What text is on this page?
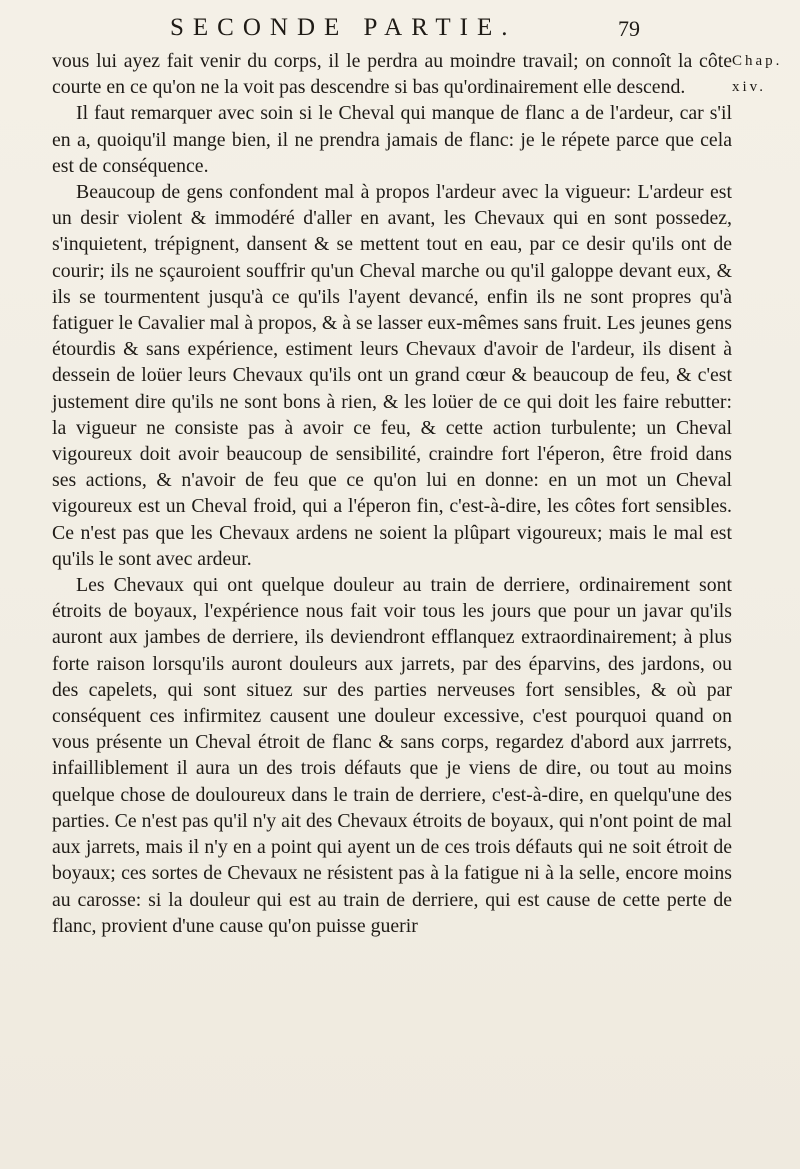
SECONDE PARTIE.	79
Chap.
xiv.

vous lui ayez fait venir du corps, il le perdra au moindre travail; on connoît la côte courte en ce qu'on ne la voit pas descendre si bas qu'ordinairement elle descend.

Il faut remarquer avec soin si le Cheval qui manque de flanc a de l'ardeur, car s'il en a, quoiqu'il mange bien, il ne prendra jamais de flanc: je le répete parce que cela est de conséquence.

Beaucoup de gens confondent mal à propos l'ardeur avec la vigueur: L'ardeur est un desir violent & immodéré d'aller en avant, les Chevaux qui en sont possedez, s'inquietent, trépignent, dansent & se mettent tout en eau, par ce desir qu'ils ont de courir; ils ne sçauroient souffrir qu'un Cheval marche ou qu'il galoppe devant eux, & ils se tourmentent jusqu'à ce qu'ils l'ayent devancé, enfin ils ne sont propres qu'à fatiguer le Cavalier mal à propos, & à se lasser eux-mêmes sans fruit. Les jeunes gens étourdis & sans expérience, estiment leurs Chevaux d'avoir de l'ardeur, ils disent à dessein de loüer leurs Chevaux qu'ils ont un grand cœur & beaucoup de feu, & c'est justement dire qu'ils ne sont bons à rien, & les loüer de ce qui doit les faire rebutter: la vigueur ne consiste pas à avoir ce feu, & cette action turbulente; un Cheval vigoureux doit avoir beaucoup de sensibilité, craindre fort l'éperon, être froid dans ses actions, & n'avoir de feu que ce qu'on lui en donne: en un mot un Cheval vigoureux est un Cheval froid, qui a l'éperon fin, c'est-à-dire, les côtes fort sensibles. Ce n'est pas que les Chevaux ardens ne soient la plûpart vigoureux; mais le mal est qu'ils le sont avec ardeur.

Les Chevaux qui ont quelque douleur au train de derriere, ordinairement sont étroits de boyaux, l'expérience nous fait voir tous les jours que pour un javar qu'ils auront aux jambes de derriere, ils deviendront efflanquez extraordinairement; à plus forte raison lorsqu'ils auront douleurs aux jarrets, par des éparvins, des jardons, ou des capelets, qui sont situez sur des parties nerveuses fort sensibles, & où par conséquent ces infirmitez causent une douleur excessive, c'est pourquoi quand on vous présente un Cheval étroit de flanc & sans corps, regardez d'abord aux jarrrets, infailliblement il aura un des trois défauts que je viens de dire, ou tout au moins quelque chose de douloureux dans le train de derriere, c'est-à-dire, en quelqu'une des parties. Ce n'est pas qu'il n'y ait des Chevaux étroits de boyaux, qui n'ont point de mal aux jarrets, mais il n'y en a point qui ayent un de ces trois défauts qui ne soit étroit de boyaux; ces sortes de Chevaux ne résistent pas à la fatigue ni à la selle, encore moins au carosse: si la douleur qui est au train de derriere, qui est cause de cette perte de flanc, provient d'une cause qu'on puisse guerir
